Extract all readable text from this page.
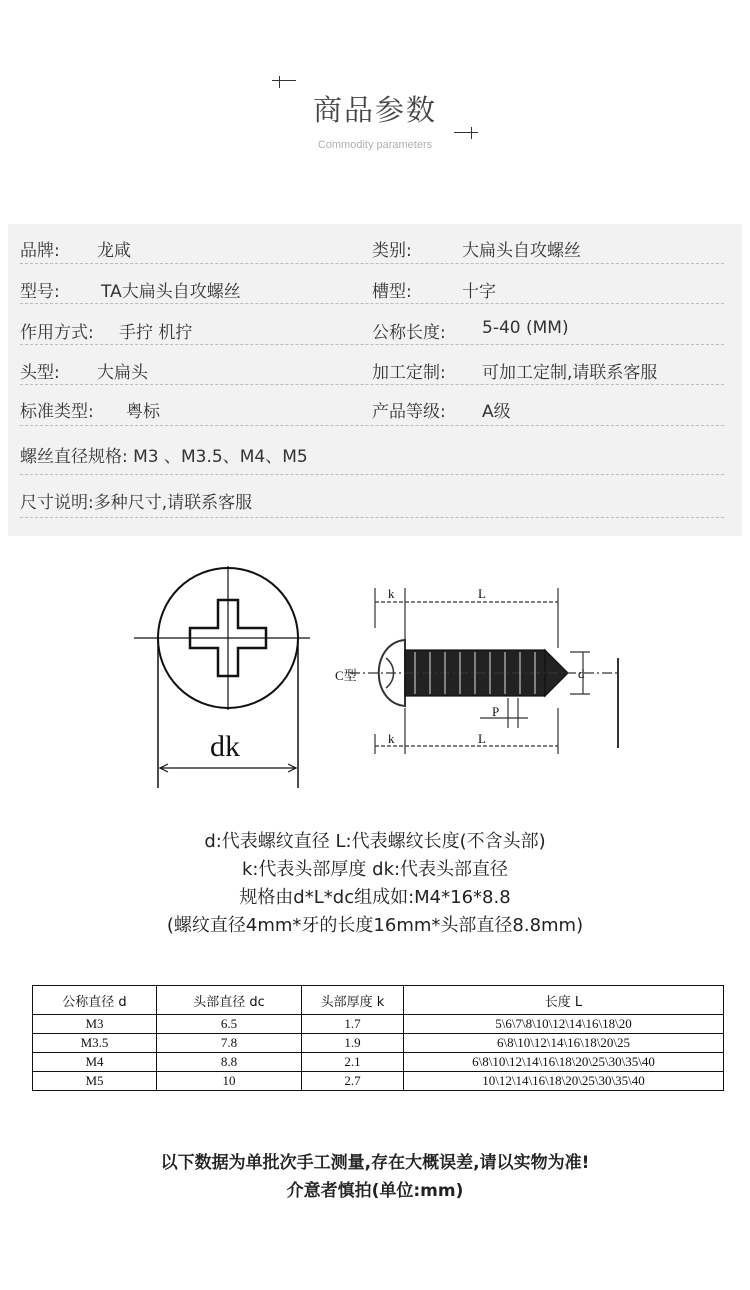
商品参数
Commodity parameters
品牌: 龙咸	类别:	大扁头自攻螺丝
型号: TA大扁头自攻螺丝	槽型:	十字
作用方式: 手拧 机拧	公称长度: 5-40 (MM)
头型: 大扁头	加工定制: 可加工定制,请联系客服
标准类型: 粤标	产品等级: A级
螺丝直径规格: M3 、M3.5、M4、M5
尺寸说明:多种尺寸,请联系客服
dk
k	L
d
P
k	L
C型
d:代表螺纹直径 L:代表螺纹长度(不含头部)
k:代表头部厚度 dk:代表头部直径
规格由d*L*dc组成如:M4*16*8.8
(螺纹直径4mm*牙的长度16mm*头部直径8.8mm)
公称直径 d	头部直径 dc	头部厚度 k	长度 L
M3	6.5	1.7	5\6\7\8\10\12\14\16\18\20
M3.5	7.8	1.9	6\8\10\12\14\16\18\20\25
M4	8.8	2.1	6\8\10\12\14\16\18\20\25\30\35\40
M5	10	2.7	10\12\14\16\18\20\25\30\35\40
以下数据为单批次手工测量,存在大概误差,请以实物为准!
介意者慎拍(单位:mm)
